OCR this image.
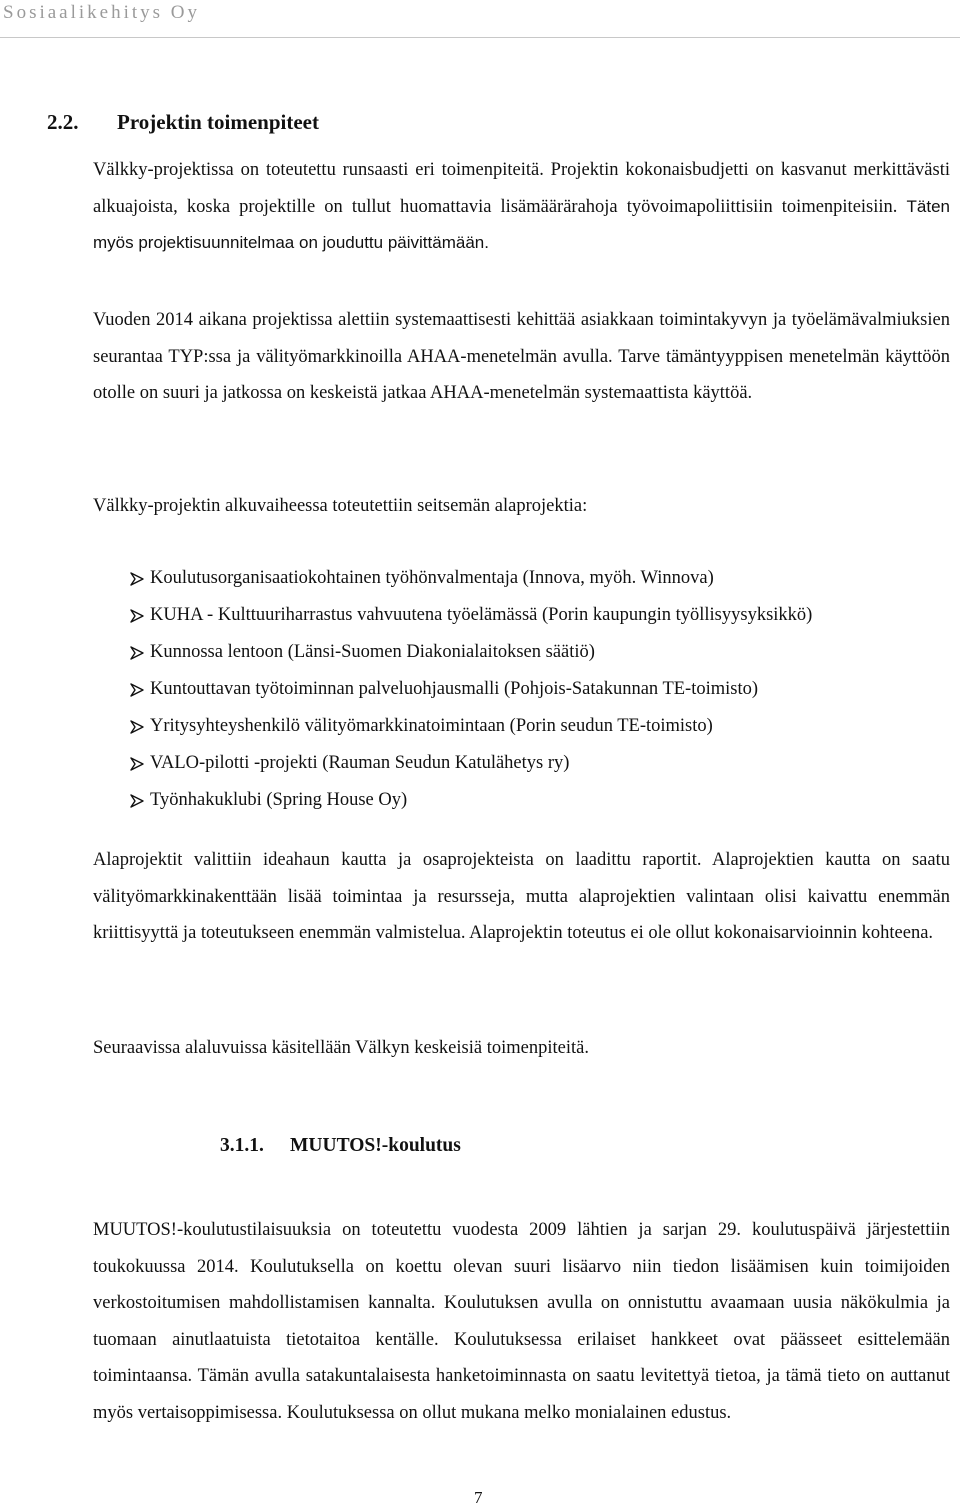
Sosiaalikehitys Oy
2.2. Projektin toimenpiteet

Välkky-projektissa on toteutettu runsaasti eri toimenpiteitä. Projektin kokonaisbudjetti on kasvanut merkittävästi alkuajoista, koska projektille on tullut huomattavia lisämäärärahoja työvoimapoliittisiin toimenpiteisiin. Täten myös projektisuunnitelmaa on jouduttu päivittämään.

Vuoden 2014 aikana projektissa alettiin systemaattisesti kehittää asiakkaan toimintakyvyn ja työelämävalmiuksien seurantaa TYP:ssa ja välityömarkkinoilla AHAA-menetelmän avulla. Tarve tämäntyyppisen menetelmän käyttöön otolle on suuri ja jatkossa on keskeistä jatkaa AHAA-menetelmän systemaattista käyttöä.

Välkky-projektin alkuvaiheessa toteutettiin seitsemän alaprojektia:

Koulutusorganisaatiokohtainen työhönvalmentaja (Innova, myöh. Winnova)
KUHA - Kulttuuriharrastus vahvuutena työelämässä (Porin kaupungin työllisyysyksikkö)
Kunnossa lentoon (Länsi-Suomen Diakonialaitoksen säätiö)
Kuntouttavan työtoiminnan palveluohjausmalli (Pohjois-Satakunnan TE-toimisto)
Yritysyhteyshenkilö välityömarkkinatoimintaan (Porin seudun TE-toimisto)
VALO-pilotti -projekti (Rauman Seudun Katulähetys ry)
Työnhakuklubi (Spring House Oy)

Alaprojektit valittiin ideahaun kautta ja osaprojekteista on laadittu raportit. Alaprojektien kautta on saatu välityömarkkinakenttään lisää toimintaa ja resursseja, mutta alaprojektien valintaan olisi kaivattu enemmän kriittisyyttä ja toteutukseen enemmän valmistelua. Alaprojektin toteutus ei ole ollut kokonaisarvioinnin kohteena.

Seuraavissa alaluvuissa käsitellään Välkyn keskeisiä toimenpiteitä.

3.1.1. MUUTOS!-koulutus

MUUTOS!-koulutustilaisuuksia on toteutettu vuodesta 2009 lähtien ja sarjan 29. koulutuspäivä järjestettiin toukokuussa 2014. Koulutuksella on koettu olevan suuri lisäarvo niin tiedon lisäämisen kuin toimijoiden verkostoitumisen mahdollistamisen kannalta. Koulutuksen avulla on onnistuttu avaamaan uusia näkökulmia ja tuomaan ainutlaatuista tietotaitoa kentälle. Koulutuksessa erilaiset hankkeet ovat päässeet esittelemään toimintaansa. Tämän avulla satakuntalaisesta hanketoiminnasta on saatu levitettyä tietoa, ja tämä tieto on auttanut myös vertaisoppimisessa. Koulutuksessa on ollut mukana melko monialainen edustus.

7
